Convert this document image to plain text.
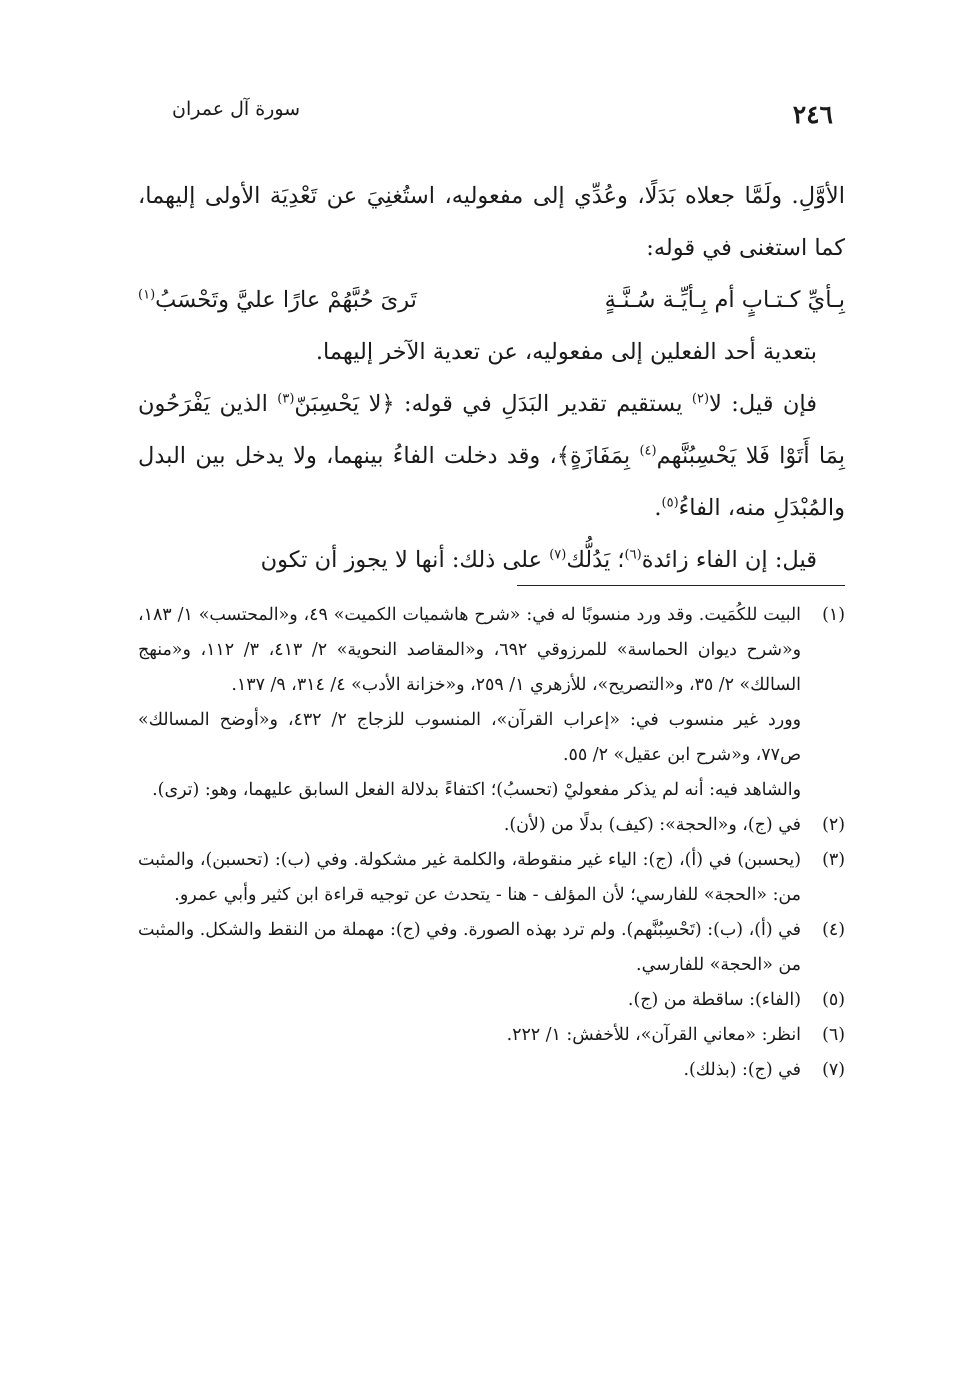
٢٤٦
سورة آل عمران

الأوَّلِ. ولَمَّا جعلاه بَدَلًا، وعُدِّي إلى مفعوليه، استُغنِيَ عن تَعْدِيَة الأولى إليهما، كما استغنى في قوله:

بِـأيِّ كـتـابٍ أم بِـأيِّـة سُـنَّـةٍ
تَرىَ حُبَّهُمْ عارًا عليَّ وتَحْسَبُ$^{(١)}$

بتعدية أحد الفعلين إلى مفعوليه، عن تعدية الآخر إليهما.

فإن قيل: لا$^{(٢)}$ يستقيم تقدير البَدَلِ في قوله: ﴿لا يَحْسِبَنّ$^{(٣)}$ الذين يَفْرَحُون بِمَا أَتَوْا فَلا يَحْسِبُنَّهم$^{(٤)}$ بِمَفَازَةٍ﴾، وقد دخلت الفاءُ بينهما، ولا يدخل بين البدل والمُبْدَلِ منه، الفاءُ$^{(٥)}$.

قيل: إن الفاء زائدة$^{(٦)}$؛ يَدُلُّك$^{(٧)}$ على ذلك: أنها لا يجوز أن تكون

(١)

البيت للكُمَيت. وقد ورد منسوبًا له في: «شرح هاشميات الكميت» ٤٩، و«المحتسب» ١/ ١٨٣، و«شرح ديوان الحماسة» للمرزوقي ٦٩٢، و«المقاصد النحوية» ٢/ ٤١٣، ٣/ ١١٢، و«منهج السالك» ٢/ ٣٥، و«التصريح»، للأزهري ١/ ٢٥٩، و«خزانة الأدب» ٤/ ٣١٤، ٩/ ١٣٧.

وورد غير منسوب في: «إعراب القرآن»، المنسوب للزجاج ٢/ ٤٣٢، و«أوضح المسالك» ص٧٧، و«شرح ابن عقيل» ٢/ ٥٥.

والشاهد فيه: أنه لم يذكر مفعوليْ (تحسبُ)؛ اكتفاءً بدلالة الفعل السابق عليهما، وهو: (ترى).

(٢)

في (ج)، و«الحجة»: (كيف) بدلًا من (لأن).

(٣)

(يحسبن) في (أ)، (ج): الياء غير منقوطة، والكلمة غير مشكولة. وفي (ب): (تحسبن)، والمثبت من: «الحجة» للفارسي؛ لأن المؤلف - هنا - يتحدث عن توجيه قراءة ابن كثير وأبي عمرو.

(٤)

في (أ)، (ب): (تَحْسِبُنَّهم). ولم ترد بهذه الصورة. وفي (ج): مهملة من النقط والشكل. والمثبت من «الحجة» للفارسي.

(٥)

(الفاء): ساقطة من (ج).

(٦)

انظر: «معاني القرآن»، للأخفش: ١/ ٢٢٢.

(٧)

في (ج): (بذلك).
